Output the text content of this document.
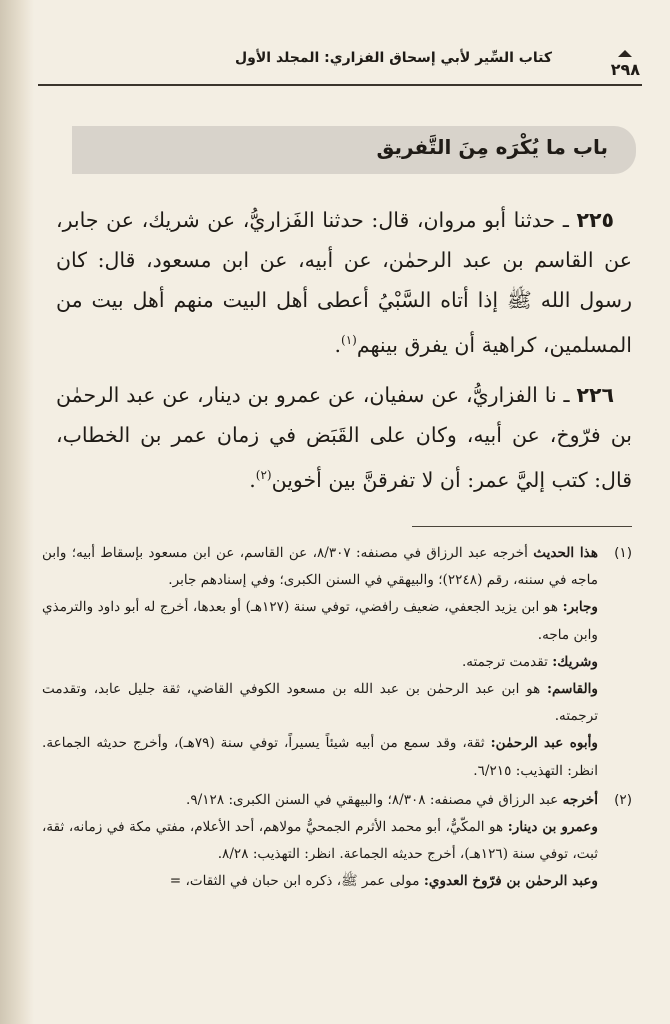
كتاب السِّير لأبي إسحاق الفزاري: المجلد الأول
٢٩٨
باب ما يُكْرَه مِنَ التَّفريق

٢٢٥ ـ حدثنا أبو مروان، قال: حدثنا الفَزاريُّ، عن شريك، عن جابر، عن القاسم بن عبد الرحمٰن، عن أبيه، عن ابن مسعود، قال: كان رسول الله ﷺ إذا أتاه السَّبْيُ أعطى أهل البيت منهم أهل بيت من المسلمين، كراهية أن يفرق بينهم$^{(١)}$.

٢٢٦ ـ نا الفزاريُّ، عن سفيان، عن عمرو بن دينار، عن عبد الرحمٰن بن فرّوخ، عن أبيه، وكان على القَبَض في زمان عمر بن الخطاب، قال: كتب إليَّ عمر: أن لا تفرقنَّ بين أخوين$^{(٢)}$.

(١)

هذا الحديث أخرجه عبد الرزاق في مصنفه: ٨/٣٠٧، عن القاسم، عن ابن مسعود بإسقاط أبيه؛ وابن ماجه في سننه، رقم (٢٢٤٨)؛ والبيهقي في السنن الكبرى؛ وفي إسنادهم جابر.

وجابر: هو ابن يزيد الجعفي، ضعيف رافضي، توفي سنة (١٢٧هـ) أو بعدها، أخرج له أبو داود والترمذي وابن ماجه.

وشريك: تقدمت ترجمته.

والقاسم: هو ابن عبد الرحمٰن بن عبد الله بن مسعود الكوفي القاضي، ثقة جليل عابد، وتقدمت ترجمته.

وأبوه عبد الرحمٰن: ثقة، وقد سمع من أبيه شيئاً يسيراً، توفي سنة (٧٩هـ)، وأخرج حديثه الجماعة. انظر: التهذيب: ٦/٢١٥.

(٢)

أخرجه عبد الرزاق في مصنفه: ٨/٣٠٨؛ والبيهقي في السنن الكبرى: ٩/١٢٨.

وعمرو بن دينار: هو المكّيُّ، أبو محمد الأثرم الجمحيُّ مولاهم، أحد الأعلام، مفتي مكة في زمانه، ثقة، ثبت، توفي سنة (١٢٦هـ)، أخرج حديثه الجماعة. انظر: التهذيب: ٨/٢٨.

وعبد الرحمٰن بن فرّوخ العدوي: مولى عمر ﷺ، ذكره ابن حبان في الثقات، =
